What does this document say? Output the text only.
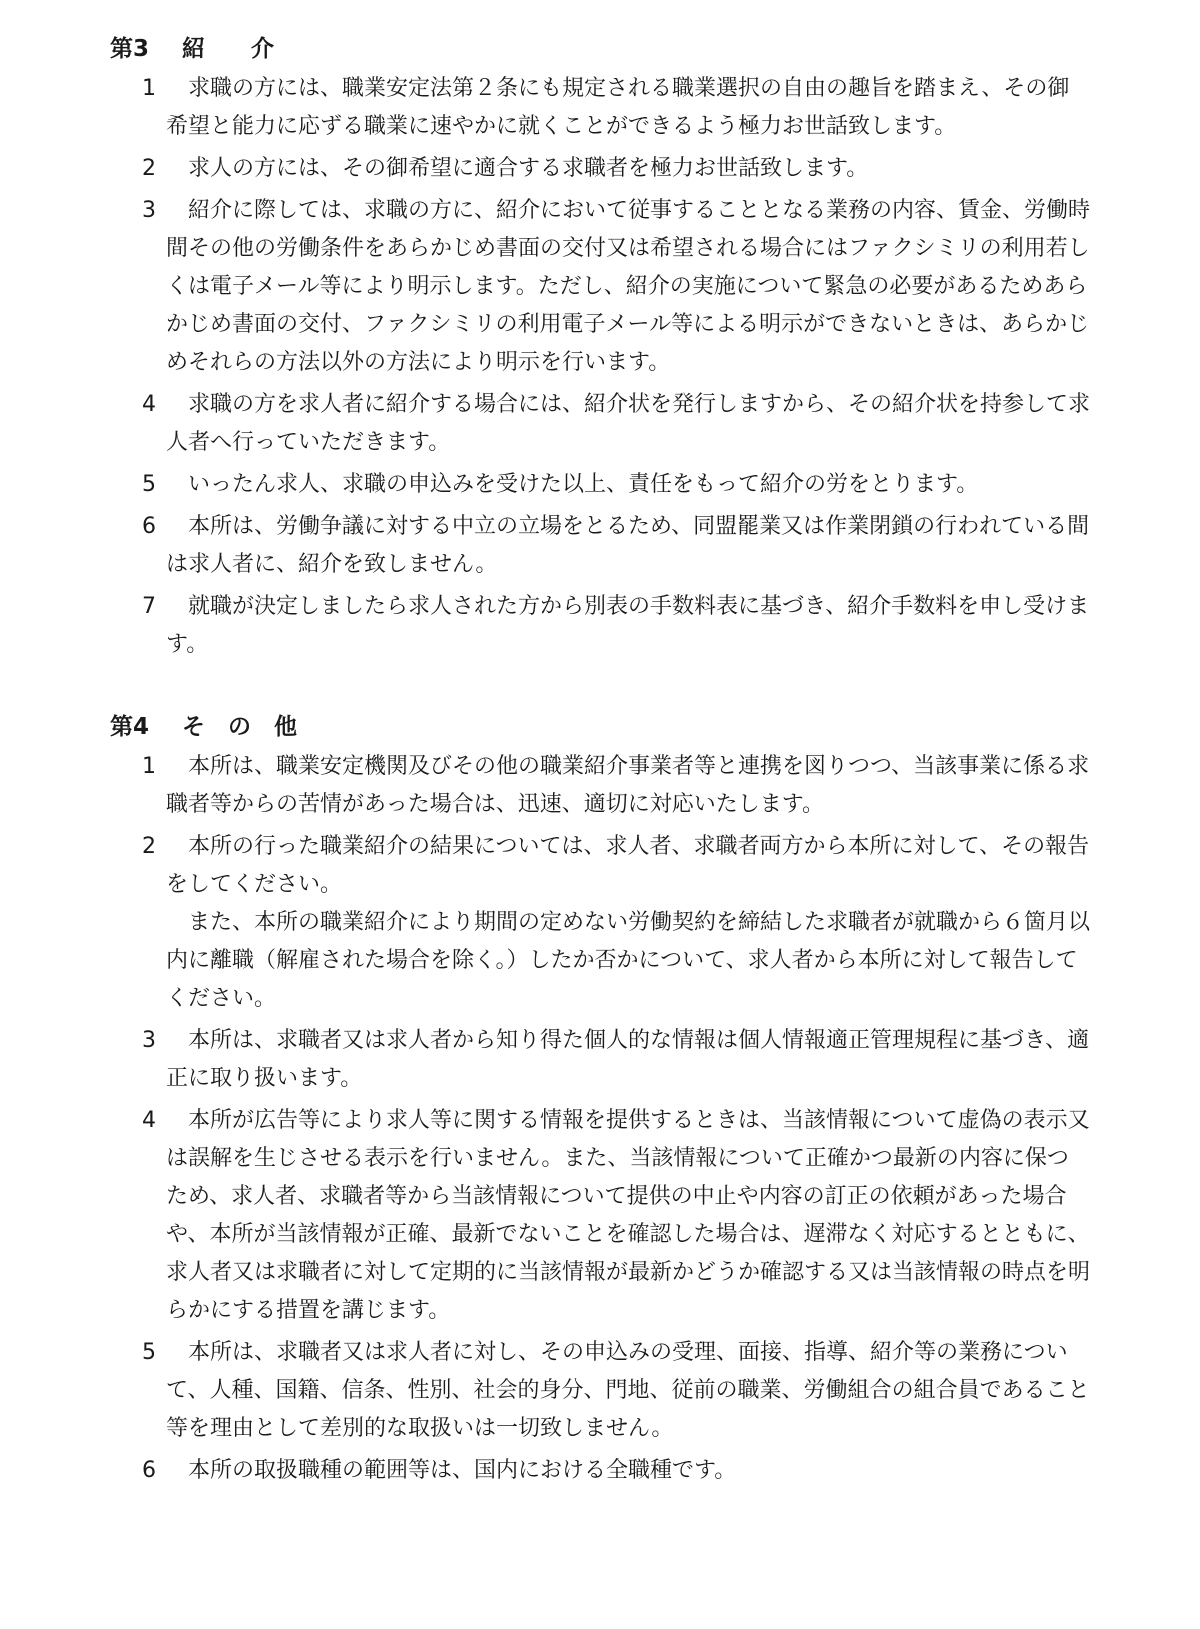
第3 紹　　介
1	求職の方には、職業安定法第２条にも規定される職業選択の自由の趣旨を踏まえ、その御希望と能力に応ずる職業に速やかに就くことができるよう極力お世話致します。

2	求人の方には、その御希望に適合する求職者を極力お世話致します。

3	紹介に際しては、求職の方に、紹介において従事することとなる業務の内容、賃金、労働時間その他の労働条件をあらかじめ書面の交付又は希望される場合にはファクシミリの利用若しくは電子メール等により明示します。ただし、紹介の実施について緊急の必要があるためあらかじめ書面の交付、ファクシミリの利用電子メール等による明示ができないときは、あらかじめそれらの方法以外の方法により明示を行います。

4	求職の方を求人者に紹介する場合には、紹介状を発行しますから、その紹介状を持参して求人者へ行っていただきます。

5	いったん求人、求職の申込みを受けた以上、責任をもって紹介の労をとります。

6	本所は、労働争議に対する中立の立場をとるため、同盟罷業又は作業閉鎖の行われている間は求人者に、紹介を致しません。

7	就職が決定しましたら求人された方から別表の手数料表に基づき、紹介手数料を申し受けます。

第4 そ　の　他
1	本所は、職業安定機関及びその他の職業紹介事業者等と連携を図りつつ、当該事業に係る求職者等からの苦情があった場合は、迅速、適切に対応いたします。

2	本所の行った職業紹介の結果については、求人者、求職者両方から本所に対して、その報告をしてください。

また、本所の職業紹介により期間の定めない労働契約を締結した求職者が就職から６箇月以内に離職（解雇された場合を除く。）したか否かについて、求人者から本所に対して報告してください。

3	本所は、求職者又は求人者から知り得た個人的な情報は個人情報適正管理規程に基づき、適正に取り扱います。

4	本所が広告等により求人等に関する情報を提供するときは、当該情報について虚偽の表示又は誤解を生じさせる表示を行いません。また、当該情報について正確かつ最新の内容に保つため、求人者、求職者等から当該情報について提供の中止や内容の訂正の依頼があった場合や、本所が当該情報が正確、最新でないことを確認した場合は、遅滞なく対応するとともに、求人者又は求職者に対して定期的に当該情報が最新かどうか確認する又は当該情報の時点を明らかにする措置を講じます。

5	本所は、求職者又は求人者に対し、その申込みの受理、面接、指導、紹介等の業務について、人種、国籍、信条、性別、社会的身分、門地、従前の職業、労働組合の組合員であること等を理由として差別的な取扱いは一切致しません。

6	本所の取扱職種の範囲等は、国内における全職種です。
